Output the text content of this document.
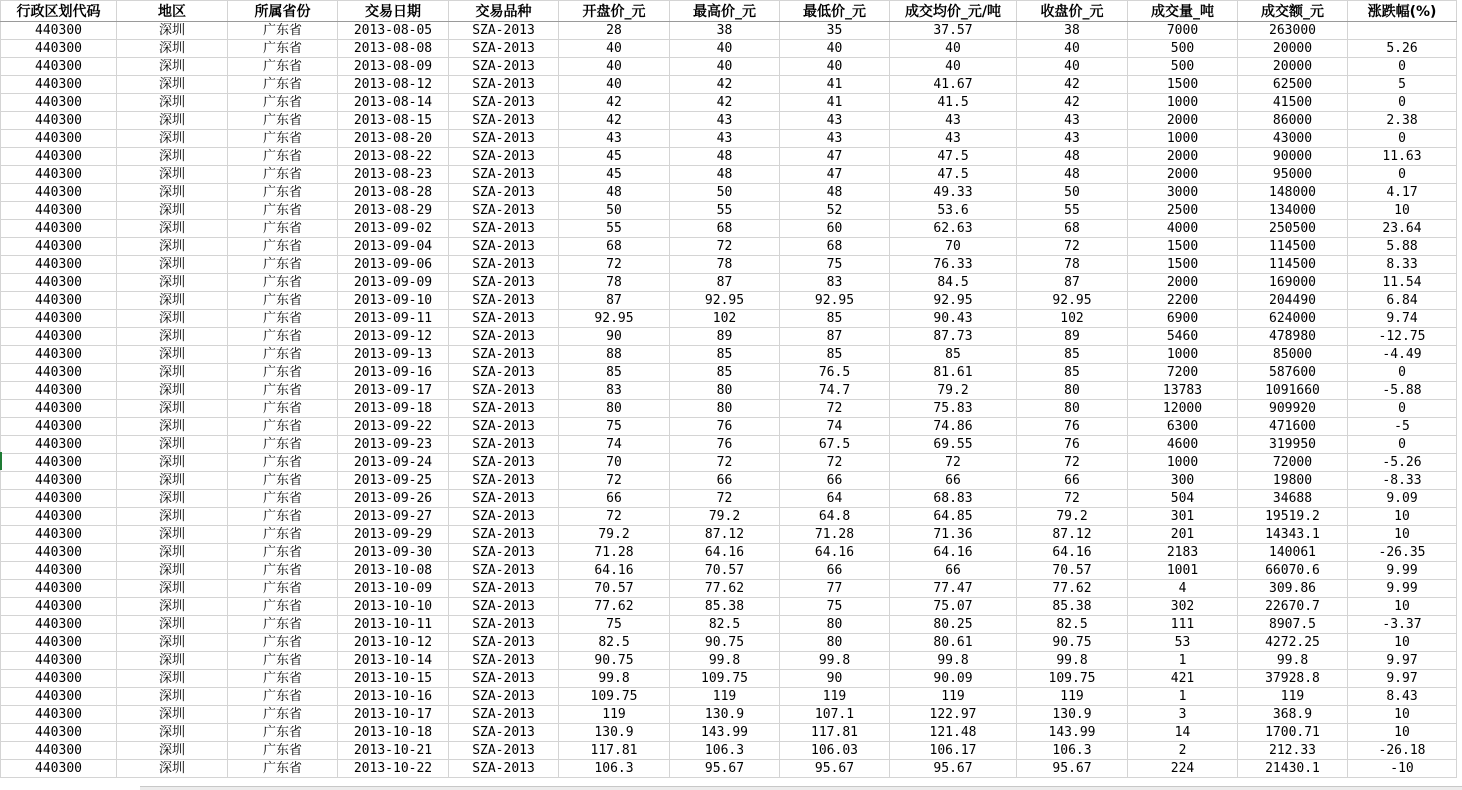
行政区划代码	地区	所属省份	交易日期	交易品种	开盘价_元	最高价_元	最低价_元	成交均价_元/吨	收盘价_元	成交量_吨	成交额_元	涨跌幅(%)
440300	深圳	广东省	2013-08-05	SZA-2013	28	38	35	37.57	38	7000	263000	
440300	深圳	广东省	2013-08-08	SZA-2013	40	40	40	40	40	500	20000	5.26
440300	深圳	广东省	2013-08-09	SZA-2013	40	40	40	40	40	500	20000	0
440300	深圳	广东省	2013-08-12	SZA-2013	40	42	41	41.67	42	1500	62500	5
440300	深圳	广东省	2013-08-14	SZA-2013	42	42	41	41.5	42	1000	41500	0
440300	深圳	广东省	2013-08-15	SZA-2013	42	43	43	43	43	2000	86000	2.38
440300	深圳	广东省	2013-08-20	SZA-2013	43	43	43	43	43	1000	43000	0
440300	深圳	广东省	2013-08-22	SZA-2013	45	48	47	47.5	48	2000	90000	11.63
440300	深圳	广东省	2013-08-23	SZA-2013	45	48	47	47.5	48	2000	95000	0
440300	深圳	广东省	2013-08-28	SZA-2013	48	50	48	49.33	50	3000	148000	4.17
440300	深圳	广东省	2013-08-29	SZA-2013	50	55	52	53.6	55	2500	134000	10
440300	深圳	广东省	2013-09-02	SZA-2013	55	68	60	62.63	68	4000	250500	23.64
440300	深圳	广东省	2013-09-04	SZA-2013	68	72	68	70	72	1500	114500	5.88
440300	深圳	广东省	2013-09-06	SZA-2013	72	78	75	76.33	78	1500	114500	8.33
440300	深圳	广东省	2013-09-09	SZA-2013	78	87	83	84.5	87	2000	169000	11.54
440300	深圳	广东省	2013-09-10	SZA-2013	87	92.95	92.95	92.95	92.95	2200	204490	6.84
440300	深圳	广东省	2013-09-11	SZA-2013	92.95	102	85	90.43	102	6900	624000	9.74
440300	深圳	广东省	2013-09-12	SZA-2013	90	89	87	87.73	89	5460	478980	-12.75
440300	深圳	广东省	2013-09-13	SZA-2013	88	85	85	85	85	1000	85000	-4.49
440300	深圳	广东省	2013-09-16	SZA-2013	85	85	76.5	81.61	85	7200	587600	0
440300	深圳	广东省	2013-09-17	SZA-2013	83	80	74.7	79.2	80	13783	1091660	-5.88
440300	深圳	广东省	2013-09-18	SZA-2013	80	80	72	75.83	80	12000	909920	0
440300	深圳	广东省	2013-09-22	SZA-2013	75	76	74	74.86	76	6300	471600	-5
440300	深圳	广东省	2013-09-23	SZA-2013	74	76	67.5	69.55	76	4600	319950	0
440300	深圳	广东省	2013-09-24	SZA-2013	70	72	72	72	72	1000	72000	-5.26
440300	深圳	广东省	2013-09-25	SZA-2013	72	66	66	66	66	300	19800	-8.33
440300	深圳	广东省	2013-09-26	SZA-2013	66	72	64	68.83	72	504	34688	9.09
440300	深圳	广东省	2013-09-27	SZA-2013	72	79.2	64.8	64.85	79.2	301	19519.2	10
440300	深圳	广东省	2013-09-29	SZA-2013	79.2	87.12	71.28	71.36	87.12	201	14343.1	10
440300	深圳	广东省	2013-09-30	SZA-2013	71.28	64.16	64.16	64.16	64.16	2183	140061	-26.35
440300	深圳	广东省	2013-10-08	SZA-2013	64.16	70.57	66	66	70.57	1001	66070.6	9.99
440300	深圳	广东省	2013-10-09	SZA-2013	70.57	77.62	77	77.47	77.62	4	309.86	9.99
440300	深圳	广东省	2013-10-10	SZA-2013	77.62	85.38	75	75.07	85.38	302	22670.7	10
440300	深圳	广东省	2013-10-11	SZA-2013	75	82.5	80	80.25	82.5	111	8907.5	-3.37
440300	深圳	广东省	2013-10-12	SZA-2013	82.5	90.75	80	80.61	90.75	53	4272.25	10
440300	深圳	广东省	2013-10-14	SZA-2013	90.75	99.8	99.8	99.8	99.8	1	99.8	9.97
440300	深圳	广东省	2013-10-15	SZA-2013	99.8	109.75	90	90.09	109.75	421	37928.8	9.97
440300	深圳	广东省	2013-10-16	SZA-2013	109.75	119	119	119	119	1	119	8.43
440300	深圳	广东省	2013-10-17	SZA-2013	119	130.9	107.1	122.97	130.9	3	368.9	10
440300	深圳	广东省	2013-10-18	SZA-2013	130.9	143.99	117.81	121.48	143.99	14	1700.71	10
440300	深圳	广东省	2013-10-21	SZA-2013	117.81	106.3	106.03	106.17	106.3	2	212.33	-26.18
440300	深圳	广东省	2013-10-22	SZA-2013	106.3	95.67	95.67	95.67	95.67	224	21430.1	-10
